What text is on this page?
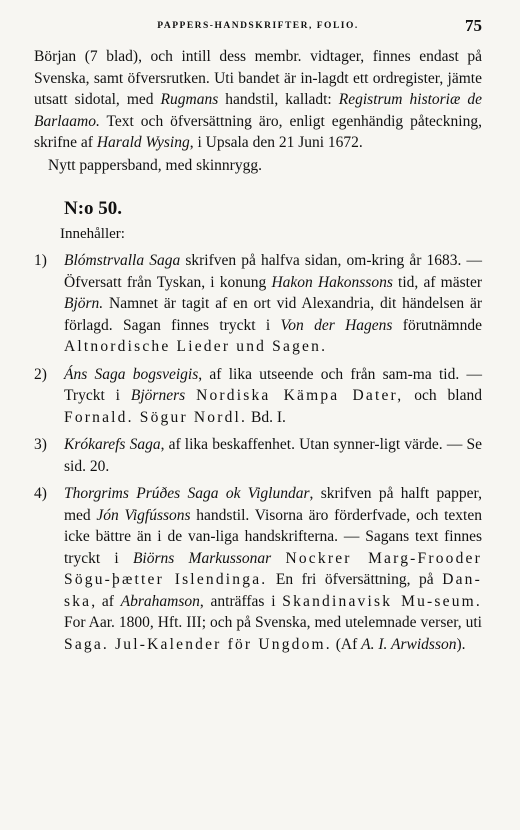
PAPPERS-HANDSKRIFTER, FOLIO.	75

Början (7 blad), och intill dess membr. vidtager, finnes endast på Svenska, samt öfversrutken. Uti bandet är in-lagdt ett ordregister, jämte utsatt sidotal, med Rugmans handstil, kalladt: Registrum historiæ de Barlaamo. Text och öfversättning äro, enligt egenhändig påteckning, skrifne af Harald Wysing, i Upsala den 21 Juni 1672.

Nytt pappersband, med skinnrygg.

N:o 50.
Innehåller:
1)	Blómstrvalla Saga skrifven på halfva sidan, om-kring år 1683. — Öfversatt från Tyskan, i konung Hakon Hakonssons tid, af mäster Björn. Namnet är tagit af en ort vid Alexandria, dit händelsen är förlagd. Sagan finnes tryckt i Von der Hagens förutnämnde Altnordische Lieder und Sagen.

2)	Áns Saga bogsveigis, af lika utseende och från sam-ma tid. — Tryckt i Björners Nordiska Kämpa Dater, och bland Fornald. Sögur Nordl. Bd. I.

3)	Krókarefs Saga, af lika beskaffenhet. Utan synner-ligt värde. — Se sid. 20.

4)	Thorgrims Prúðes Saga ok Viglundar, skrifven på halft papper, med Jón Vigfússons handstil. Visorna äro förderfvade, och texten icke bättre än i de van-liga handskrifterna. — Sagans text finnes tryckt i Biörns Markussonar Nockrer Marg-Frooder Sögu-þætter Islendinga. En fri öfversättning, på Dan-ska, af Abrahamson, anträffas i Skandinavisk Mu-seum. For Aar. 1800, Hft. III; och på Svenska, med utelemnade verser, uti Saga. Jul-Kalender för Ungdom. (Af A. I. Arwidsson).
